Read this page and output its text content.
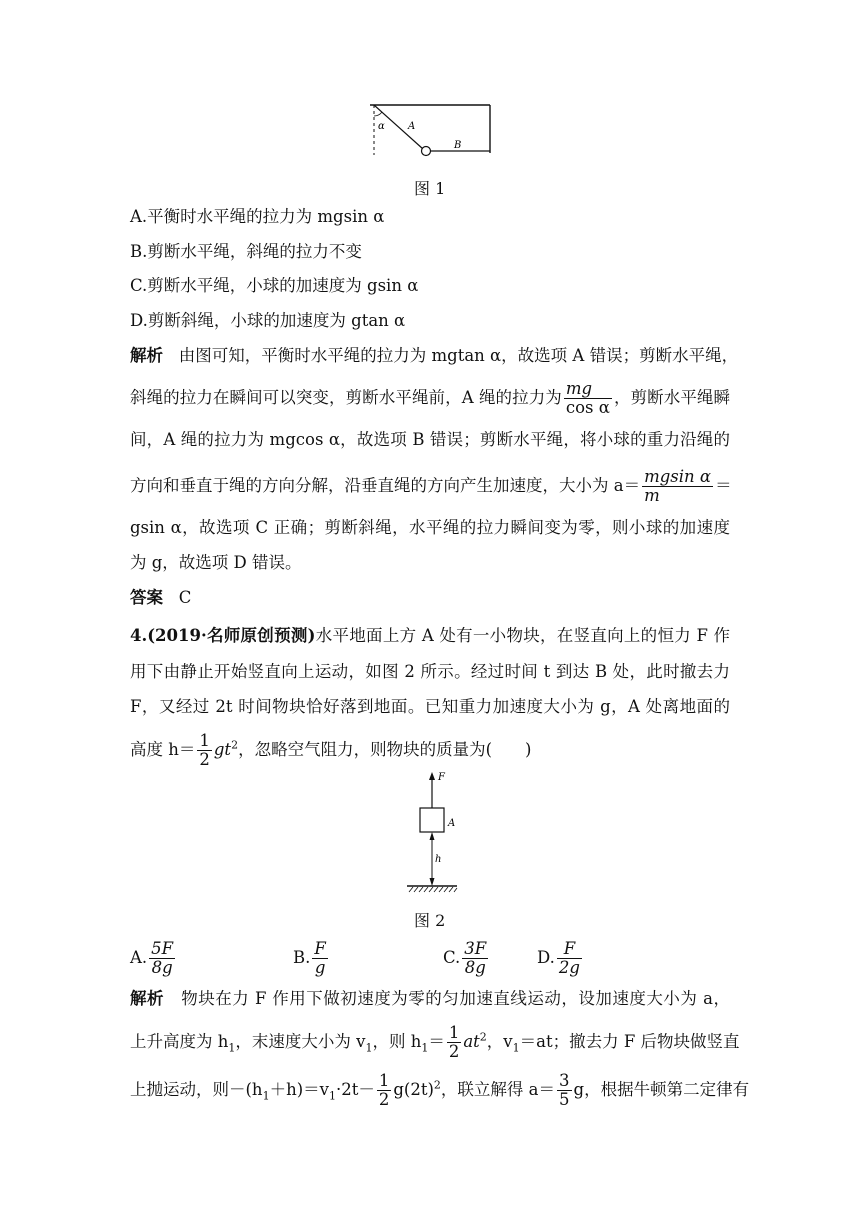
α A
B
图 1
A.平衡时水平绳的拉力为 mgsin α
B.剪断水平绳，斜绳的拉力不变
C.剪断水平绳，小球的加速度为 gsin α
D.剪断斜绳，小球的加速度为 gtan α
解析 由图可知，平衡时水平绳的拉力为 mgtan α，故选项 A 错误；剪断水平绳，
斜绳的拉力在瞬间可以突变，剪断水平绳前，A 绳的拉力为 $\frac{mg}{\text{cos α}}$ ，剪断水平绳瞬
间，A 绳的拉力为 mgcos α，故选项 B 错误；剪断水平绳，将小球的重力沿绳的
方向和垂直于绳的方向分解，沿垂直绳的方向产生加速度，大小为 $a= \frac{\text{mgsin α}}{m}$ ＝
gsin α，故选项 C 正确；剪断斜绳，水平绳的拉力瞬间变为零，则小球的加速度
为 g，故选项 D 错误。
答案 C
4.(2019·名师原创预测)水平地面上方 A 处有一小物块，在竖直向上的恒力 F 作
用下由静止开始竖直向上运动，如图 2 所示。经过时间 t 到达 B 处，此时撤去力
F，又经过 2t 时间物块恰好落到地面。已知重力加速度大小为 g，A 处离地面的
高度 $h= \frac{1}{2} gt^2$，忽略空气阻力，则物块的质量为(　　)
F
A
h
图 2
A. $\frac{5F}{8g}$	B. $\frac{F}{g}$	C. $\frac{3F}{8g}$	D. $\frac{F}{2g}$
解析 物块在力 F 作用下做初速度为零的匀加速直线运动，设加速度大小为 a，
上升高度为 $h_1$，末速度大小为 $v_1$，则 $h_1= \frac{1}{2} at^2$，$v_1=at$；撤去力 F 后物块做竖直
上抛运动，则$-(h_1+h)=v_1\cdot 2t- \frac{1}{2} g(2t)^2$，联立解得 $a= \frac{3}{5}$ g，根据牛顿第二定律有
